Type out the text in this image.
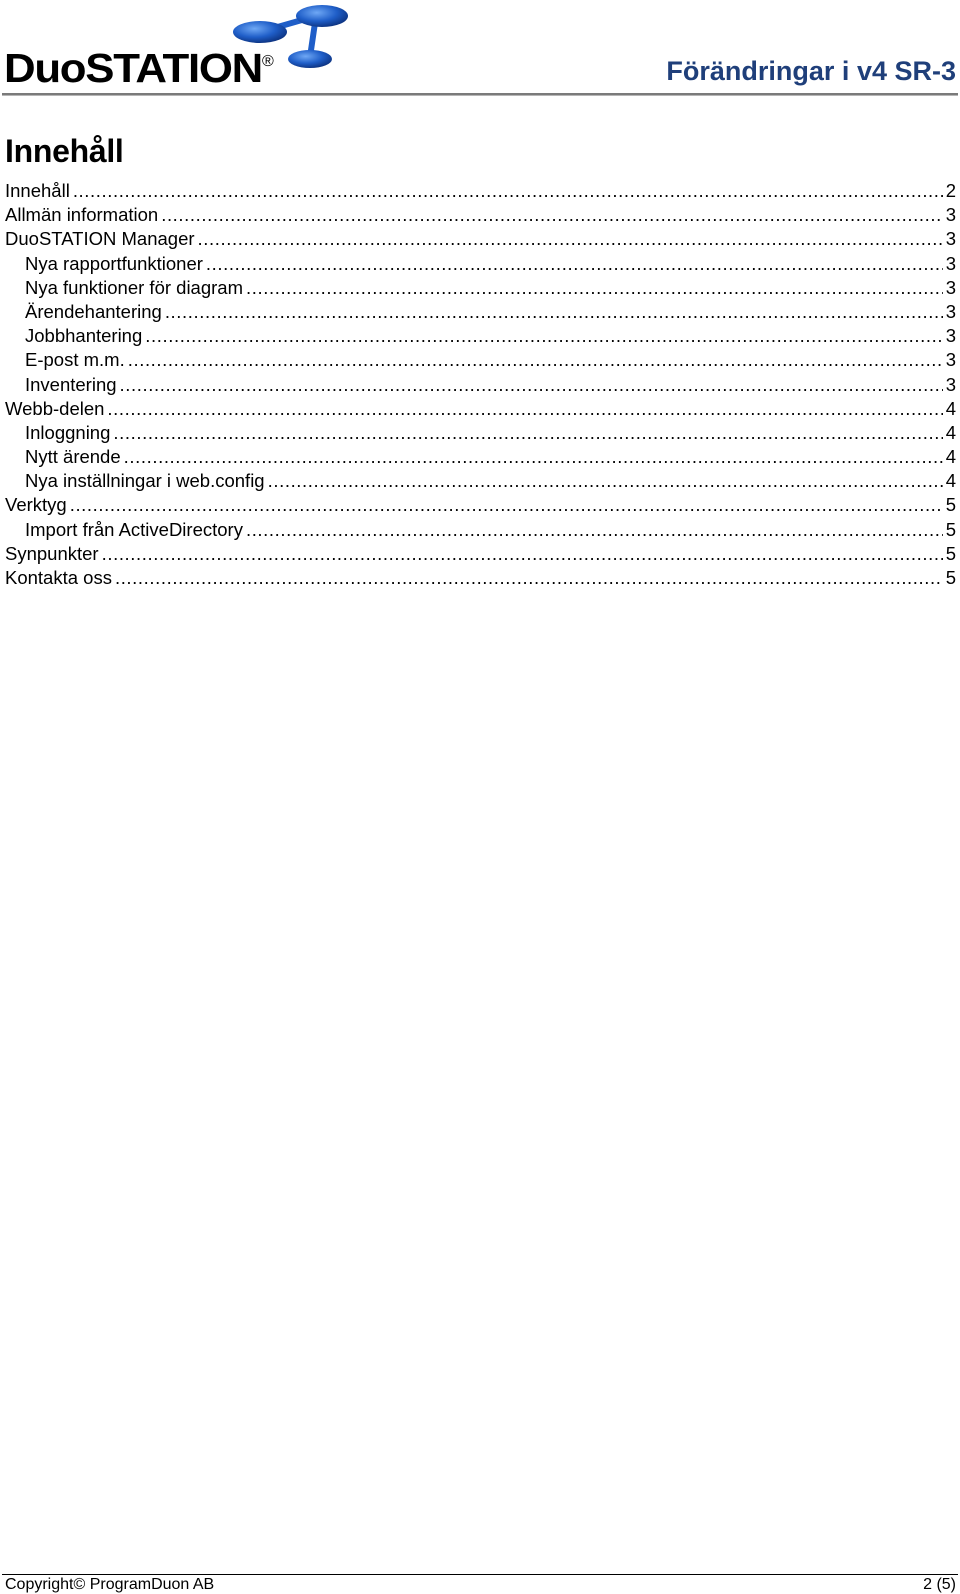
DuoSTATION ®	Förändringar i v4 SR-3
Innehåll
Innehåll .....	2
Allmän information .....	3
DuoSTATION Manager .....	3
Nya rapportfunktioner .....	3
Nya funktioner för diagram .....	3
Ärendehantering .....	3
Jobbhantering .....	3
E-post m.m. .....	3
Inventering .....	3
Webb-delen .....	4
Inloggning .....	4
Nytt ärende .....	4
Nya inställningar i web.config .....	4
Verktyg .....	5
Import från ActiveDirectory .....	5
Synpunkter .....	5
Kontakta oss .....	5
Copyright© ProgramDuon AB	2 (5)
